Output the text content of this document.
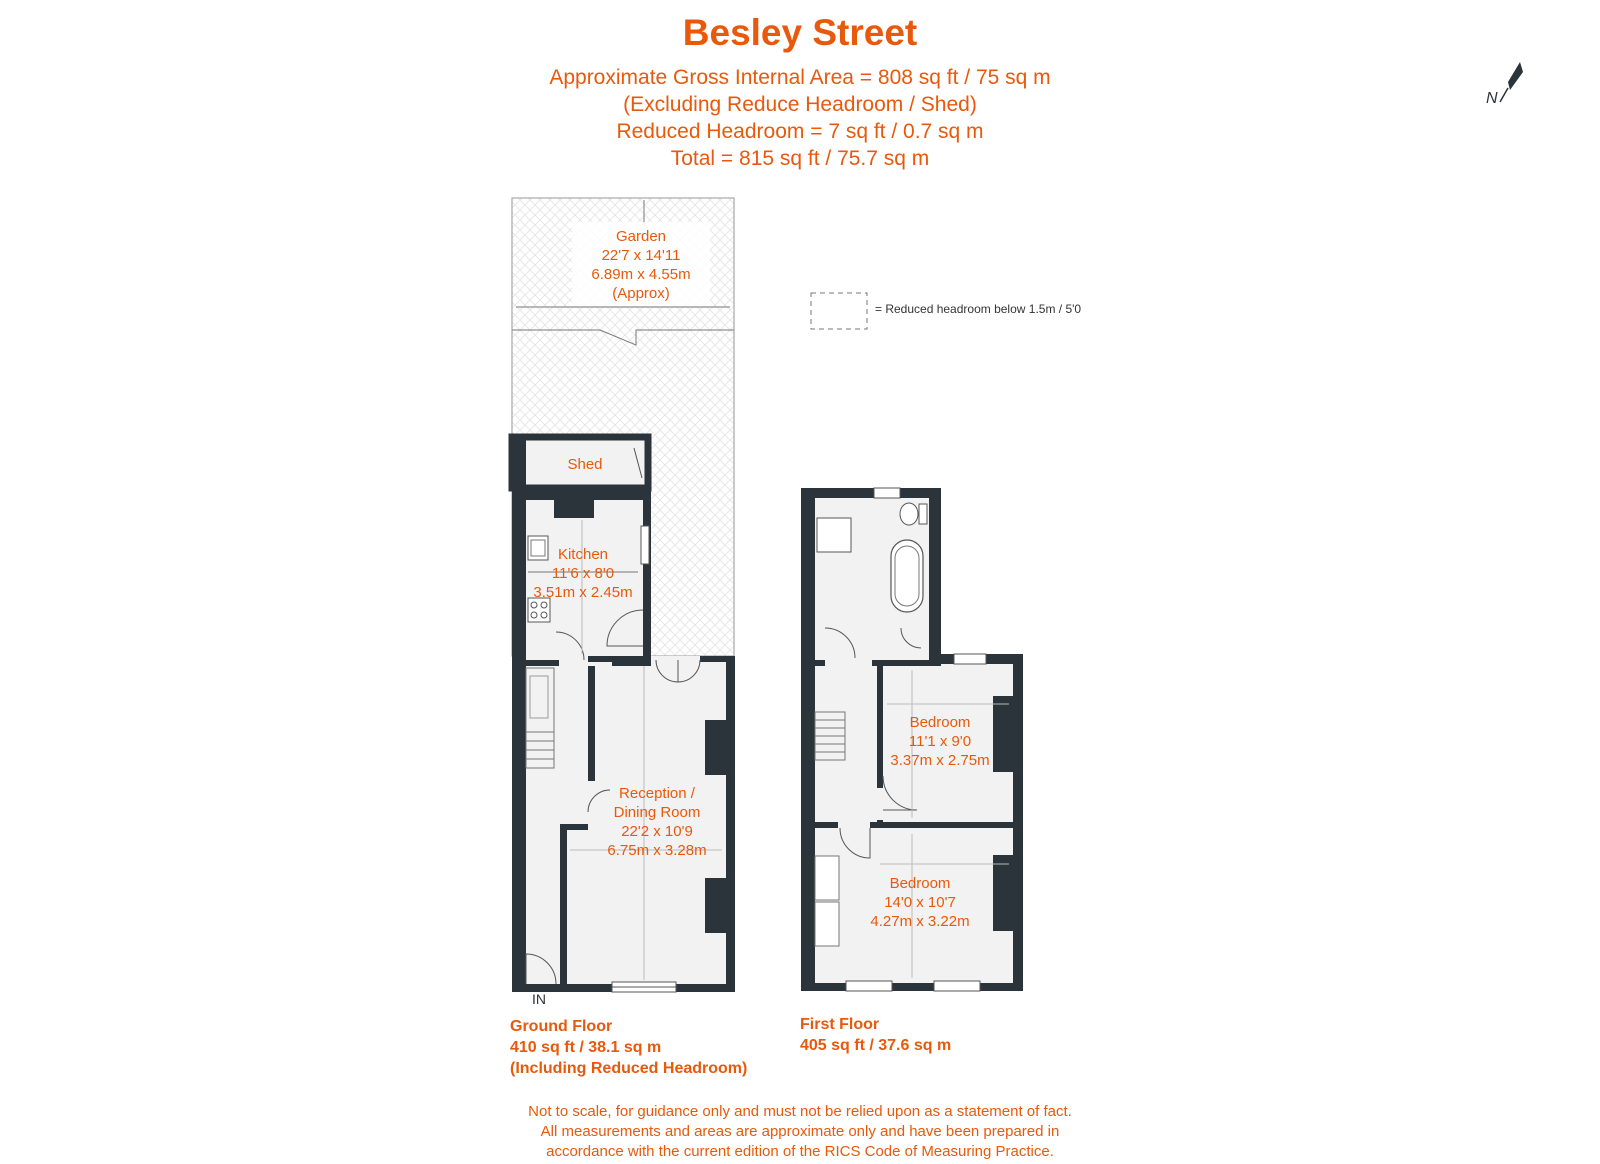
Besley Street
Approximate Gross Internal Area = 808 sq ft / 75 sq m
(Excluding Reduce Headroom / Shed)
Reduced Headroom = 7 sq ft / 0.7 sq m
Total = 815 sq ft / 75.7 sq m
N
= Reduced headroom below 1.5m / 5'0
Garden
22'7 x 14'11
6.89m x 4.55m
(Approx)
Shed
Kitchen
11'6 x 8'0
3.51m x 2.45m
Reception /
Dining Room
22'2 x 10'9
6.75m x 3.28m
Bedroom
11'1 x 9'0
3.37m x 2.75m
Bedroom
14'0 x 10'7
4.27m x 3.22m
IN
Ground Floor
410 sq ft / 38.1 sq m
(Including Reduced Headroom)
First Floor
405 sq ft / 37.6 sq m
Not to scale, for guidance only and must not be relied upon as a statement of fact.
All measurements and areas are approximate only and have been prepared in
accordance with the current edition of the RICS Code of Measuring Practice.
